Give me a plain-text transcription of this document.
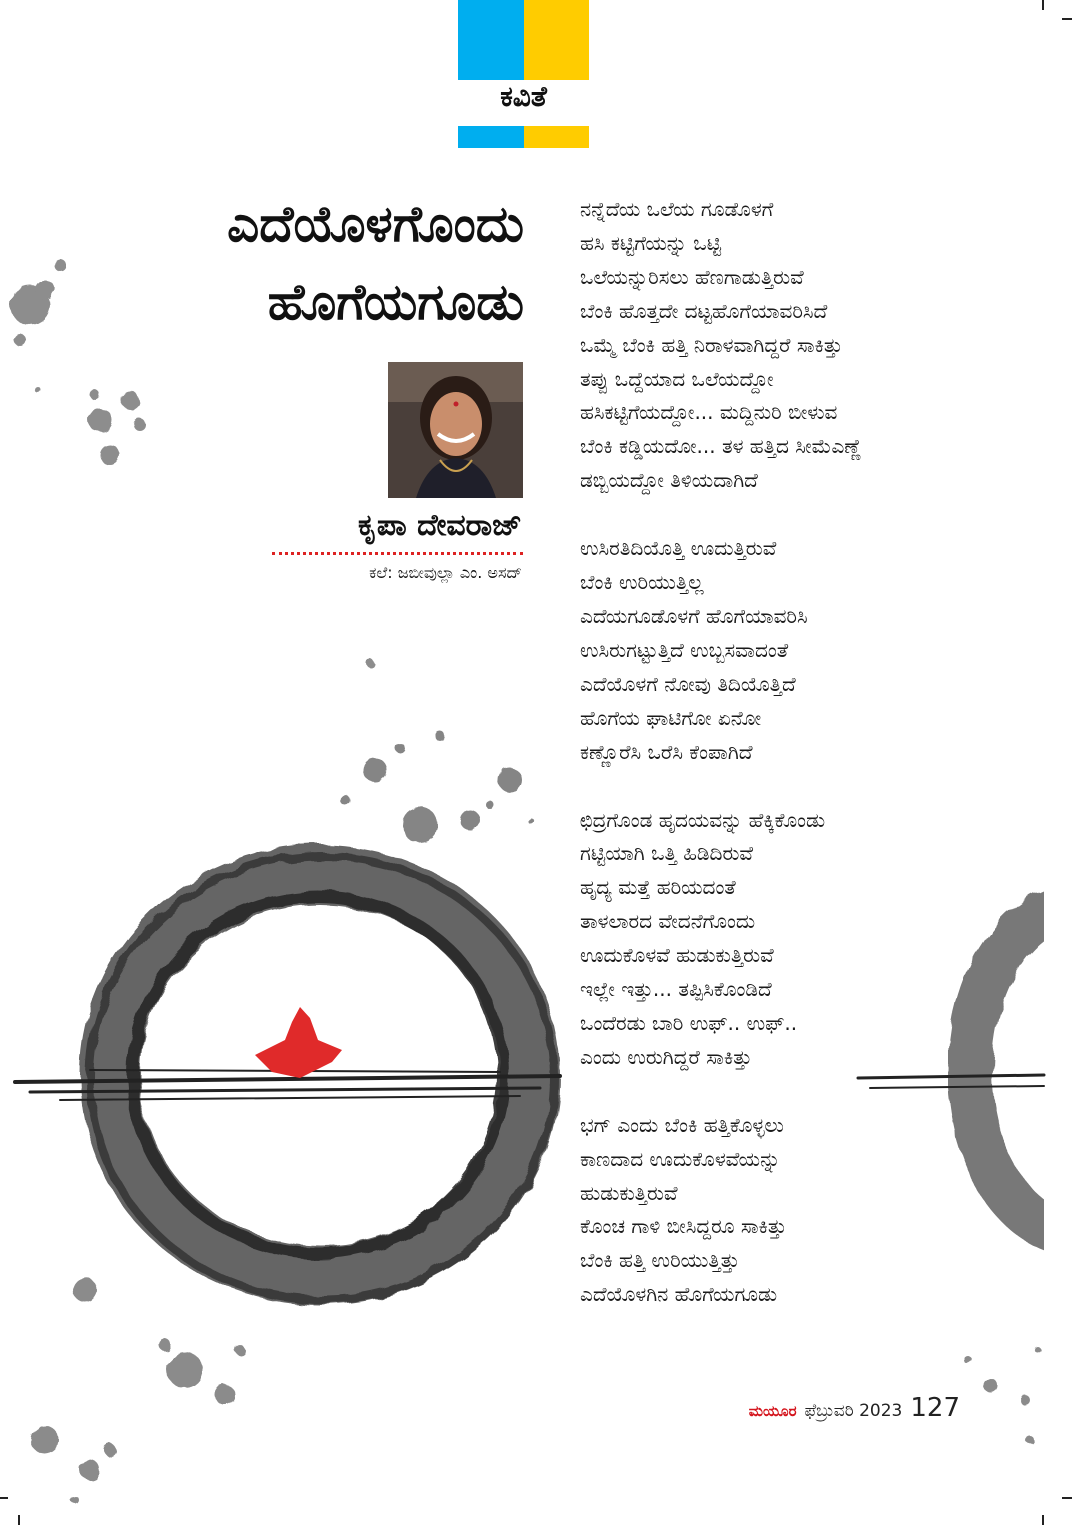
ಕವಿತೆ
ಎದೆಯೊಳಗೊಂದು
ಹೊಗೆಯಗೂಡು
ಕೃಪಾ ದೇವರಾಜ್
ಕಲೆ: ಜಬೀವುಲ್ಲಾ ಎಂ. ಅಸದ್
ನನ್ನೆದೆಯ ಒಲೆಯ ಗೂಡೊಳಗೆ
ಹಸಿ ಕಟ್ಟಿಗೆಯನ್ನು ಒಟ್ಟಿ
ಒಲೆಯನ್ನುರಿಸಲು ಹೆಣಗಾಡುತ್ತಿರುವೆ
ಬೆಂಕಿ ಹೊತ್ತದೇ ದಟ್ಟಹೊಗೆಯಾವರಿಸಿದೆ
ಒಮ್ಮೆ ಬೆಂಕಿ ಹತ್ತಿ ನಿರಾಳವಾಗಿದ್ದರೆ ಸಾಕಿತ್ತು
ತಪ್ಪು ಒದ್ದೆಯಾದ ಒಲೆಯದ್ದೋ
ಹಸಿಕಟ್ಟಿಗೆಯದ್ದೋ... ಮದ್ದಿನುರಿ ಬೀಳುವ
ಬೆಂಕಿ ಕಡ್ಡಿಯದೋ... ತಳ ಹತ್ತಿದ ಸೀಮೆಎಣ್ಣೆ
ಡಬ್ಬಿಯದ್ದೋ ತಿಳಿಯದಾಗಿದೆ
ಉಸಿರತಿದಿಯೊತ್ತಿ ಊದುತ್ತಿರುವೆ
ಬೆಂಕಿ ಉರಿಯುತ್ತಿಲ್ಲ
ಎದೆಯಗೂಡೊಳಗೆ ಹೊಗೆಯಾವರಿಸಿ
ಉಸಿರುಗಟ್ಟುತ್ತಿದೆ ಉಬ್ಬಸವಾದಂತೆ
ಎದೆಯೊಳಗೆ ನೋವು ತಿದಿಯೊತ್ತಿದೆ
ಹೊಗೆಯ ಘಾಟಿಗೋ ಏನೋ
ಕಣ್ಣೊರೆಸಿ ಒರೆಸಿ ಕೆಂಪಾಗಿದೆ
ಛಿದ್ರಗೊಂಡ ಹೃದಯವನ್ನು ಹೆಕ್ಕಿಕೊಂಡು
ಗಟ್ಟಿಯಾಗಿ ಒತ್ತಿ ಹಿಡಿದಿರುವೆ
ಹೃದ್ಯ ಮತ್ತೆ ಹರಿಯದಂತೆ
ತಾಳಲಾರದ ವೇದನೆಗೊಂದು
ಊದುಕೊಳವೆ ಹುಡುಕುತ್ತಿರುವೆ
ಇಲ್ಲೇ ಇತ್ತು... ತಪ್ಪಿಸಿಕೊಂಡಿದೆ
ಒಂದೆರಡು ಬಾರಿ ಉಫ್.. ಉಫ್..
ಎಂದು ಉರುಗಿದ್ದರೆ ಸಾಕಿತ್ತು
ಭಗ್ ಎಂದು ಬೆಂಕಿ ಹತ್ತಿಕೊಳ್ಳಲು
ಕಾಣದಾದ ಊದುಕೊಳವೆಯನ್ನು
ಹುಡುಕುತ್ತಿರುವೆ
ಕೊಂಚ ಗಾಳಿ ಬೀಸಿದ್ದರೂ ಸಾಕಿತ್ತು
ಬೆಂಕಿ ಹತ್ತಿ ಉರಿಯುತ್ತಿತ್ತು
ಎದೆಯೊಳಗಿನ ಹೊಗೆಯಗೂಡು
ಮಯೂರ ಫೆಬ್ರುವರಿ 2023 127
